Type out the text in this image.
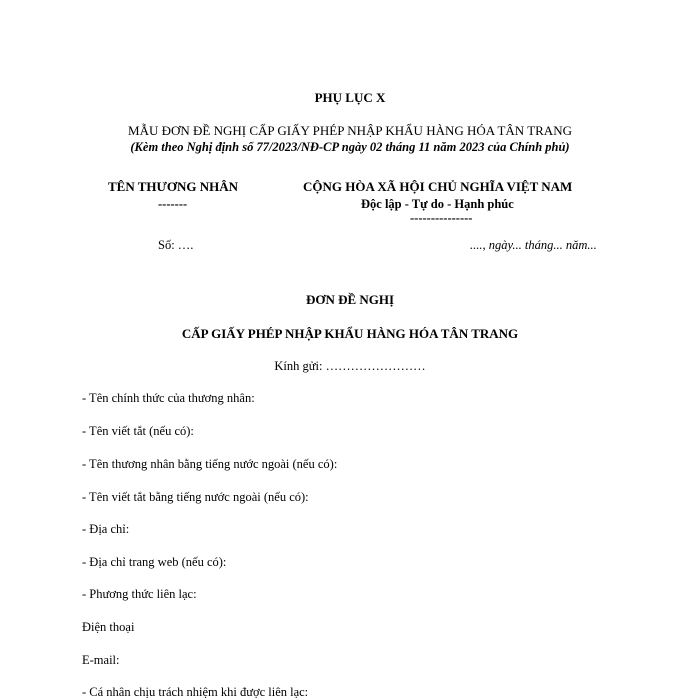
PHỤ LỤC X
MẪU ĐƠN ĐỀ NGHỊ CẤP GIẤY PHÉP NHẬP KHẨU HÀNG HÓA TÂN TRANG
(Kèm theo Nghị định số 77/2023/NĐ-CP ngày 02 tháng 11 năm 2023 của Chính phủ)
TÊN THƯƠNG NHÂN
-------
Số: ….
CỘNG HÒA XÃ HỘI CHỦ NGHĨA VIỆT NAM
Độc lập - Tự do - Hạnh phúc
---------------
...., ngày... tháng... năm...
ĐƠN ĐỀ NGHỊ
CẤP GIẤY PHÉP NHẬP KHẨU HÀNG HÓA TÂN TRANG
Kính gửi: ……………………
- Tên chính thức của thương nhân:
- Tên viết tắt (nếu có):
- Tên thương nhân bằng tiếng nước ngoài (nếu có):
- Tên viết tắt bằng tiếng nước ngoài (nếu có):
- Địa chỉ:
- Địa chỉ trang web (nếu có):
- Phương thức liên lạc:
Điện thoại
E-mail:
- Cá nhân chịu trách nhiệm khi được liên lạc:
